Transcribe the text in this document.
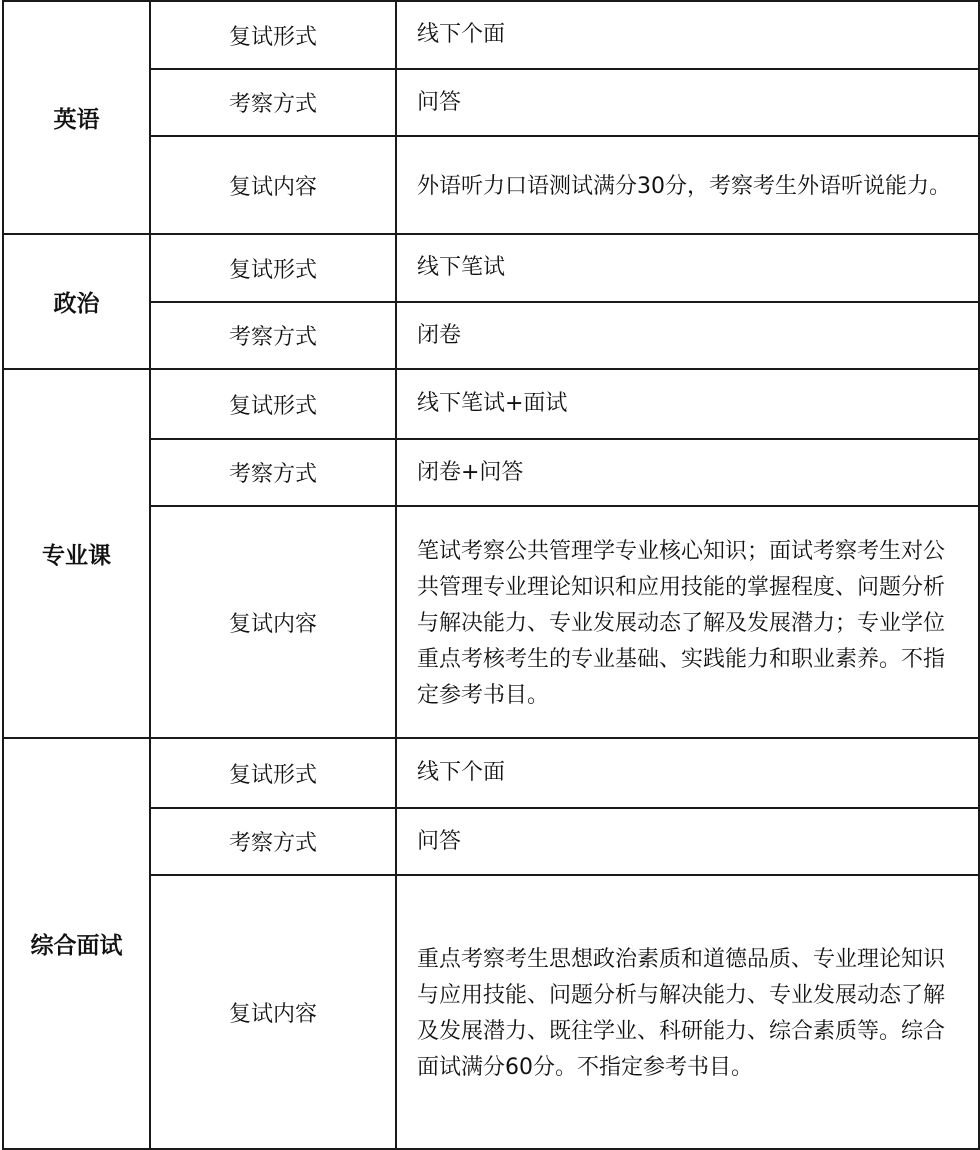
英语	复试形式	线下个面
	考察方式	问答
	复试内容	外语听力口语测试满分30分，考察考生外语听说能力。
政治	复试形式	线下笔试
	考察方式	闭卷
专业课	复试形式	线下笔试+面试
	考察方式	闭卷+问答
	复试内容	笔试考察公共管理学专业核心知识；面试考察考生对公共管理专业理论知识和应用技能的掌握程度、问题分析与解决能力、专业发展动态了解及发展潜力；专业学位重点考核考生的专业基础、实践能力和职业素养。不指定参考书目。
综合面试	复试形式	线下个面
	考察方式	问答
	复试内容	重点考察考生思想政治素质和道德品质、专业理论知识与应用技能、问题分析与解决能力、专业发展动态了解及发展潜力、既往学业、科研能力、综合素质等。综合面试满分60分。不指定参考书目。
